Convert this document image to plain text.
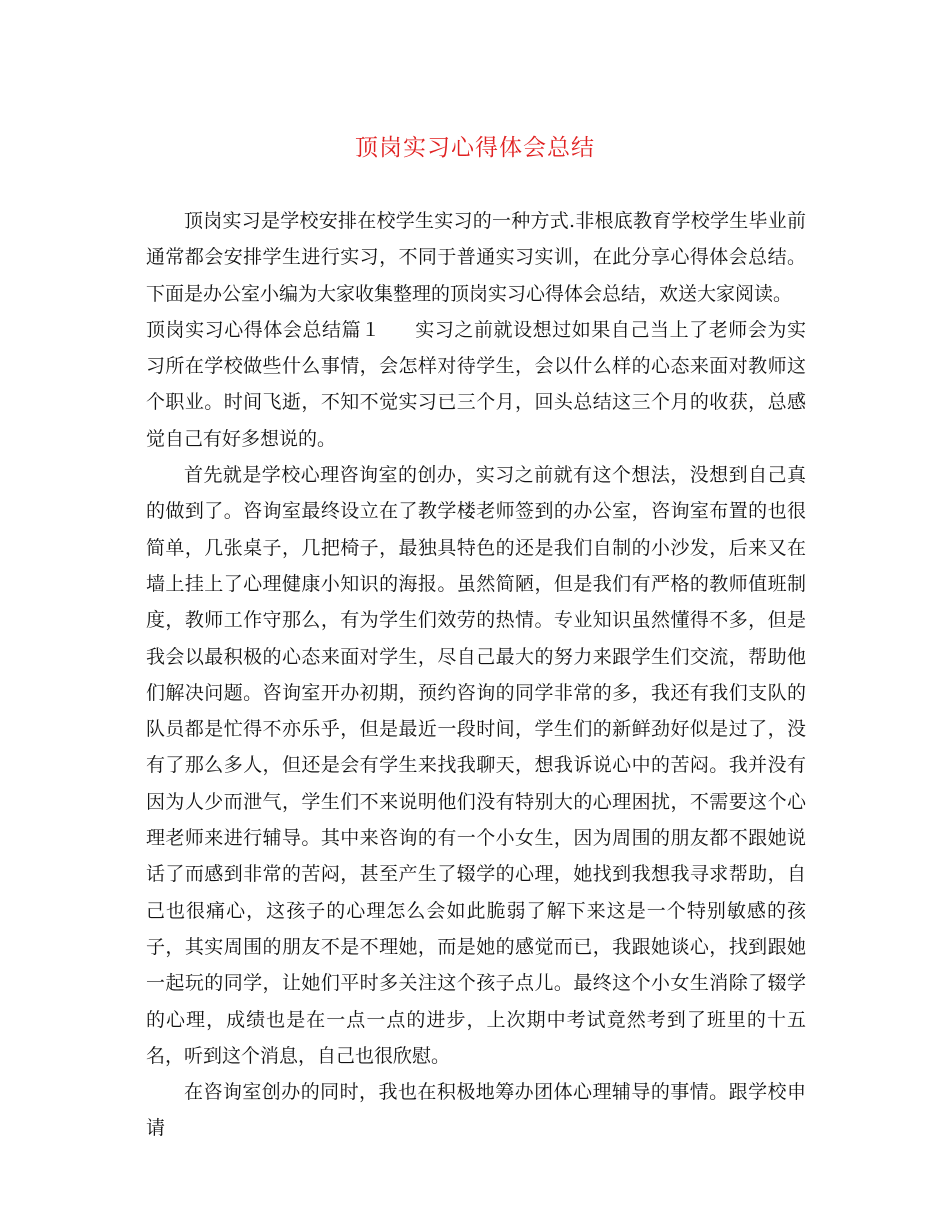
顶岗实习心得体会总结

顶岗实习是学校安排在校学生实习的一种方式.非根底教育学校学生毕业前通常都会安排学生进行实习，不同于普通实习实训，在此分享心得体会总结。下面是办公室小编为大家收集整理的顶岗实习心得体会总结，欢送大家阅读。

顶岗实习心得体会总结篇１ 实习之前就设想过如果自己当上了老师会为实习所在学校做些什么事情，会怎样对待学生，会以什么样的心态来面对教师这个职业。时间飞逝，不知不觉实习已三个月，回头总结这三个月的收获，总感觉自己有好多想说的。

首先就是学校心理咨询室的创办，实习之前就有这个想法，没想到自己真的做到了。咨询室最终设立在了教学楼老师签到的办公室，咨询室布置的也很简单，几张桌子，几把椅子，最独具特色的还是我们自制的小沙发，后来又在墙上挂上了心理健康小知识的海报。虽然简陋，但是我们有严格的教师值班制度，教师工作守那么，有为学生们效劳的热情。专业知识虽然懂得不多，但是我会以最积极的心态来面对学生，尽自己最大的努力来跟学生们交流，帮助他们解决问题。咨询室开办初期，预约咨询的同学非常的多，我还有我们支队的队员都是忙得不亦乐乎，但是最近一段时间，学生们的新鲜劲好似是过了，没有了那么多人，但还是会有学生来找我聊天，想我诉说心中的苦闷。我并没有因为人少而泄气，学生们不来说明他们没有特别大的心理困扰，不需要这个心理老师来进行辅导。其中来咨询的有一个小女生，因为周围的朋友都不跟她说话了而感到非常的苦闷，甚至产生了辍学的心理，她找到我想我寻求帮助，自己也很痛心，这孩子的心理怎么会如此脆弱了解下来这是一个特别敏感的孩子，其实周围的朋友不是不理她，而是她的感觉而已，我跟她谈心，找到跟她一起玩的同学，让她们平时多关注这个孩子点儿。最终这个小女生消除了辍学的心理，成绩也是在一点一点的进步，上次期中考试竟然考到了班里的十五名，听到这个消息，自己也很欣慰。

在咨询室创办的同时，我也在积极地筹办团体心理辅导的事情。跟学校申请
